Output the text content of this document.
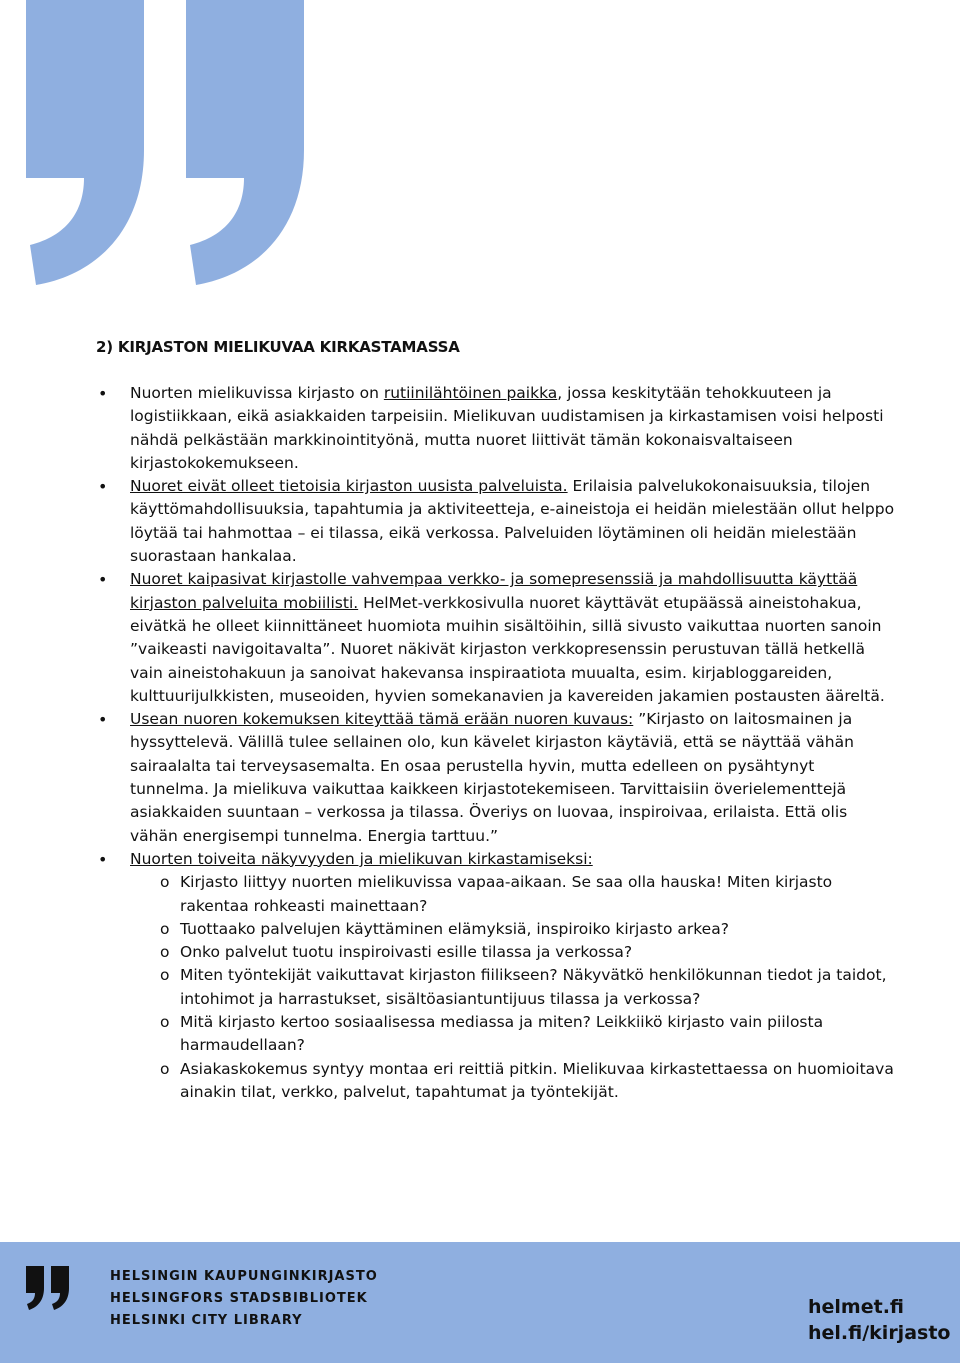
2) KIRJASTON MIELIKUVAA KIRKASTAMASSA
• Nuorten mielikuvissa kirjasto on rutiinilähtöinen paikka, jossa keskitytään tehokkuuteen ja logistiikkaan, eikä asiakkaiden tarpeisiin. Mielikuvan uudistamisen ja kirkastamisen voisi helposti nähdä pelkästään markkinointityönä, mutta nuoret liittivät tämän kokonaisvaltaiseen kirjastokokemukseen.
• Nuoret eivät olleet tietoisia kirjaston uusista palveluista. Erilaisia palvelukokonaisuuksia, tilojen käyttömahdollisuuksia, tapahtumia ja aktiviteetteja, e-aineistoja ei heidän mielestään ollut helppo löytää tai hahmottaa – ei tilassa, eikä verkossa. Palveluiden löytäminen oli heidän mielestään suorastaan hankalaa.
• Nuoret kaipasivat kirjastolle vahvempaa verkko- ja somepresenssiä ja mahdollisuutta käyttää kirjaston palveluita mobiilisti. HelMet-verkkosivulla nuoret käyttävät etupäässä aineistohakua, eivätkä he olleet kiinnittäneet huomiota muihin sisältöihin, sillä sivusto vaikuttaa nuorten sanoin ”vaikeasti navigoitavalta”. Nuoret näkivät kirjaston verkkopresenssin perustuvan tällä hetkellä vain aineistohakuun ja sanoivat hakevansa inspiraatiota muualta, esim. kirjabloggareiden, kulttuurijulkkisten, museoiden, hyvien somekanavien ja kavereiden jakamien postausten ääreltä.
• Usean nuoren kokemuksen kiteyttää tämä erään nuoren kuvaus: ”Kirjasto on laitosmainen ja hyssyttelevä. Välillä tulee sellainen olo, kun kävelet kirjaston käytäviä, että se näyttää vähän sairaalalta tai terveysasemalta. En osaa perustella hyvin, mutta edelleen on pysähtynyt tunnelma. Ja mielikuva vaikuttaa kaikkeen kirjastotekemiseen. Tarvittaisiin överielementtejä asiakkaiden suuntaan – verkossa ja tilassa. Överiys on luovaa, inspiroivaa, erilaista. Että olis vähän energisempi tunnelma. Energia tarttuu.”
• Nuorten toiveita näkyvyyden ja mielikuvan kirkastamiseksi:
o Kirjasto liittyy nuorten mielikuvissa vapaa-aikaan. Se saa olla hauska! Miten kirjasto rakentaa rohkeasti mainettaan?
o Tuottaako palvelujen käyttäminen elämyksiä, inspiroiko kirjasto arkea?
o Onko palvelut tuotu inspiroivasti esille tilassa ja verkossa?
o Miten työntekijät vaikuttavat kirjaston fiilikseen? Näkyvätkö henkilökunnan tiedot ja taidot, intohimot ja harrastukset, sisältöasiantuntijuus tilassa ja verkossa?
o Mitä kirjasto kertoo sosiaalisessa mediassa ja miten? Leikkiikö kirjasto vain piilosta harmaudellaan?
o Asiakaskokemus syntyy montaa eri reittiä pitkin. Mielikuvaa kirkastettaessa on huomioitava ainakin tilat, verkko, palvelut, tapahtumat ja työntekijät.
HELSINGIN KAUPUNGINKIRJASTO
HELSINGFORS STADSBIBLIOTEK
HELSINKI CITY LIBRARY
helmet.fi
hel.fi/kirjasto
